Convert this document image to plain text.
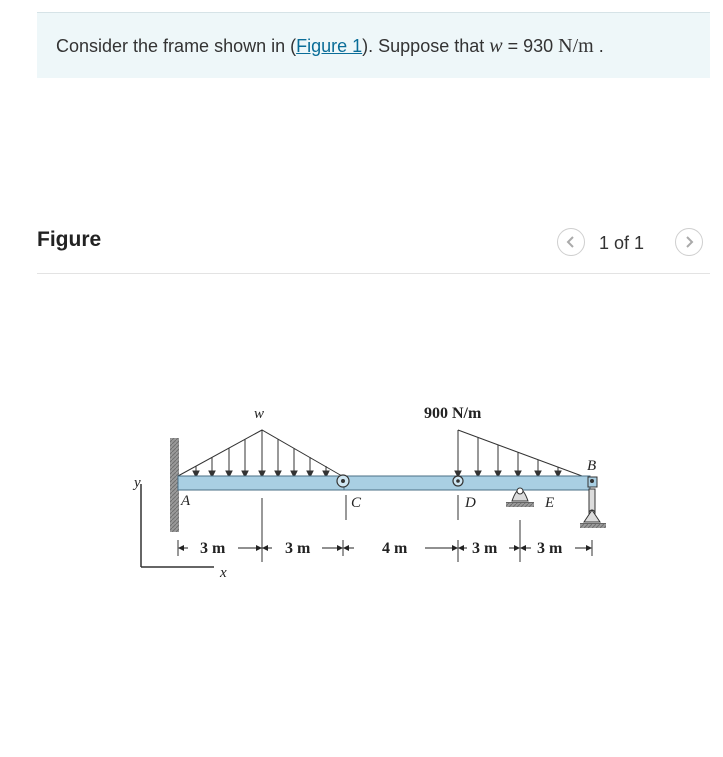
Consider the frame shown in (Figure 1). Suppose that w = 930 N/m .
Figure	1 of 1
y
x
w	900 N/m
A
B
C	D	E
3 m	3 m	4 m	3 m 3 m
